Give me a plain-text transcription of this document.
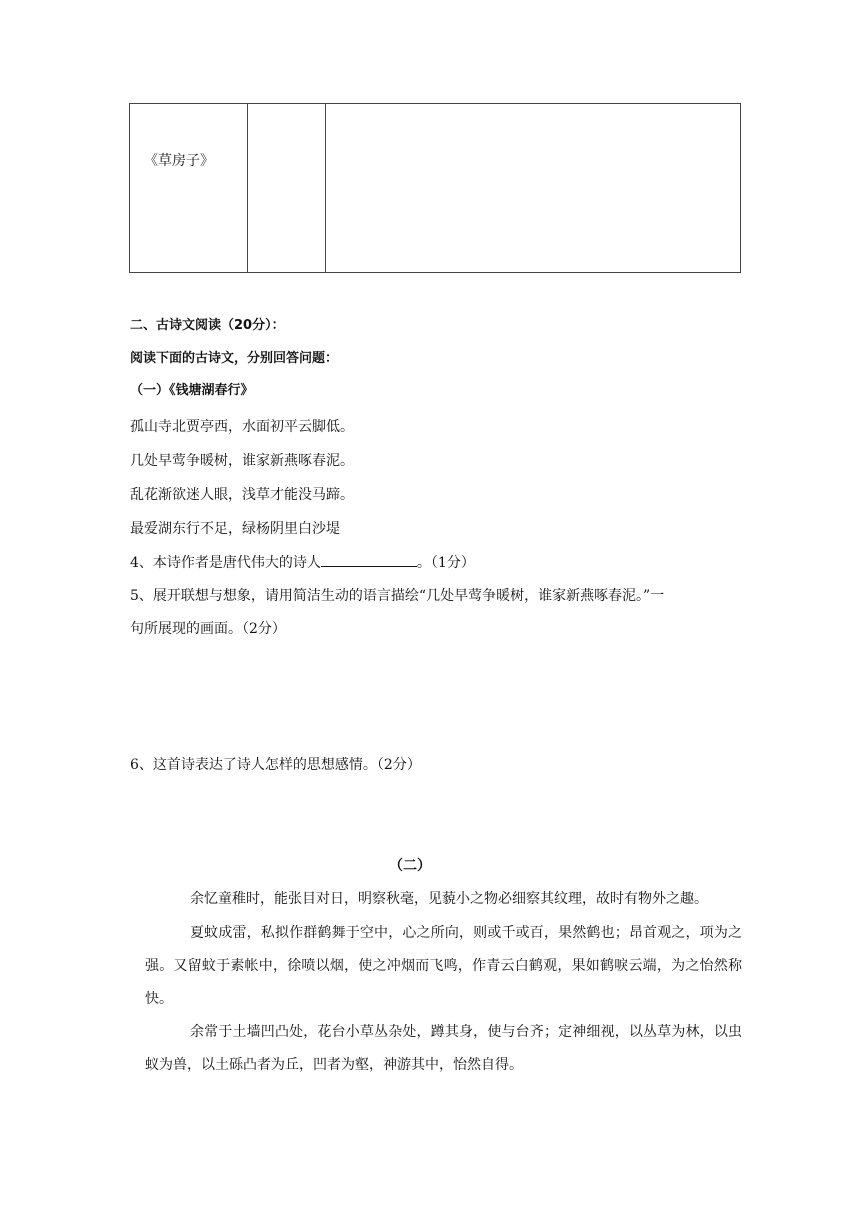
《草房子》

二、古诗文阅读（20分）：
阅读下面的古诗文，分别回答问题：
（一）《钱塘湖春行》
孤山寺北贾亭西，水面初平云脚低。
几处早莺争暖树，谁家新燕啄春泥。
乱花渐欲迷人眼，浅草才能没马蹄。
最爱湖东行不足，绿杨阴里白沙堤
4、本诗作者是唐代伟大的诗人	。（1分）
5、展开联想与想象，请用简洁生动的语言描绘“几处早莺争暖树，谁家新燕啄春泥。”一
句所展现的画面。（2分）
6、这首诗表达了诗人怎样的思想感情。（2分）
（二）

余忆童稚时，能张目对日，明察秋毫，见藐小之物必细察其纹理，故时有物外之趣。

夏蚊成雷，私拟作群鹤舞于空中，心之所向，则或千或百，果然鹤也；昂首观之，项为之强。又留蚊于素帐中，徐喷以烟，使之冲烟而飞鸣，作青云白鹤观，果如鹤唳云端，为之怡然称快。

余常于土墙凹凸处，花台小草丛杂处，蹲其身，使与台齐；定神细视，以丛草为林，以虫蚁为兽，以土砾凸者为丘，凹者为壑，神游其中，怡然自得。
